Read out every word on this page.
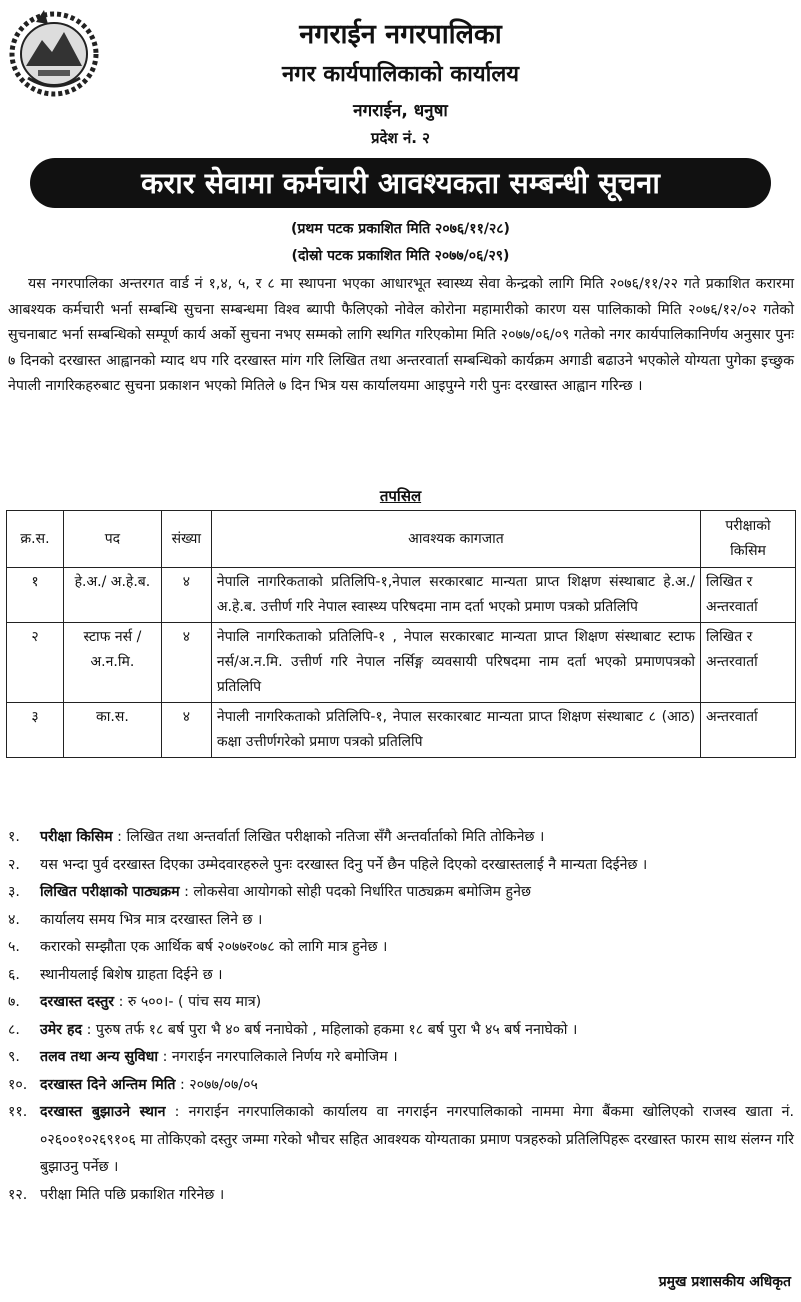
नगराईन नगरपालिका
नगर कार्यपालिकाको कार्यालय
नगराईन, धनुषा
प्रदेश नं. २
करार सेवामा कर्मचारी आवश्यकता सम्बन्धी सूचना
(प्रथम पटक प्रकाशित मिति २०७६/११/२८)
(दोस्रो पटक प्रकाशित मिति २०७७/०६/२९)
यस नगरपालिका अन्तरगत वार्ड नं १,४, ५, र ८ मा स्थापना भएका आधारभूत स्वास्थ्य सेवा केन्द्रको लागि मिति २०७६/११/२२ गते प्रकाशित करारमा आबश्यक कर्मचारी भर्ना सम्बन्धि सुचना सम्बन्धमा विश्व ब्यापी फैलिएको नोवेल कोरोना महामारीको कारण यस पालिकाको मिति २०७६/१२/०२ गतेको सुचनाबाट भर्ना सम्बन्धिको सम्पूर्ण कार्य अर्को सुचना नभए सम्मको लागि स्थगित गरिएकोमा मिति २०७७/०६/०९ गतेको नगर कार्यपालिकानिर्णय अनुसार पुनः ७ दिनको दरखास्त आह्वानको म्याद थप गरि दरखास्त मांग गरि लिखित तथा अन्तरवार्ता सम्बन्धिको कार्यक्रम अगाडी बढाउने भएकोले योग्यता पुगेका इच्छुक नेपाली नागरिकहरुबाट सुचना प्रकाशन भएको मितिले ७ दिन भित्र यस कार्यालयमा आइपुग्ने गरी पुनः दरखास्त आह्वान गरिन्छ ।
तपसिल
क्र.स.	पद	संख्या	आवश्यक कागजात	परीक्षाको किसिम
१	हे.अ./ अ.हे.ब.	४	नेपालि नागरिकताको प्रतिलिपि-१,नेपाल सरकारबाट मान्यता प्राप्त शिक्षण संस्थाबाट हे.अ./अ.हे.ब. उत्तीर्ण गरि नेपाल स्वास्थ्य परिषदमा नाम दर्ता भएको प्रमाण पत्रको प्रतिलिपि	लिखित र अन्तरवार्ता
२	स्टाफ नर्स / अ.न.मि.	४	नेपालि नागरिकताको प्रतिलिपि-१ , नेपाल सरकारबाट मान्यता प्राप्त शिक्षण संस्थाबाट स्टाफ नर्स/अ.न.मि. उत्तीर्ण गरि नेपाल नर्सिङ्ग व्यवसायी परिषदमा नाम दर्ता भएको प्रमाणपत्रको प्रतिलिपि	लिखित र अन्तरवार्ता
३	का.स.	४	नेपाली नागरिकताको प्रतिलिपि-१, नेपाल सरकारबाट मान्यता प्राप्त शिक्षण संस्थाबाट ८ (आठ) कक्षा उत्तीर्णगरेको प्रमाण पत्रको प्रतिलिपि	अन्तरवार्ता
१.	परीक्षा किसिम : लिखित तथा अन्तर्वार्ता लिखित परीक्षाको नतिजा सँगै अन्तर्वार्ताको मिति तोकिनेछ ।
२.	यस भन्दा पुर्व दरखास्त दिएका उम्मेदवारहरुले पुनः दरखास्त दिनु पर्ने छैन पहिले दिएको दरखास्तलाई नै मान्यता दिईनेछ ।
३.	लिखित परीक्षाको पाठ्यक्रम : लोकसेवा आयोगको सोही पदको निर्धारित पाठ्यक्रम बमोजिम हुनेछ
४.	कार्यालय समय भित्र मात्र दरखास्त लिने छ ।
५.	करारको सम्झौता एक आर्थिक बर्ष २०७७र०७८ को लागि मात्र हुनेछ ।
६.	स्थानीयलाई बिशेष ग्राहता दिईने छ ।
७.	दरखास्त दस्तुर : रु ५००।- ( पांच सय मात्र)
८.	उमेर हद : पुरुष तर्फ १८ बर्ष पुरा भै ४० बर्ष ननाघेको , महिलाको हकमा १८ बर्ष पुरा भै ४५ बर्ष ननाघेको ।
९.	तलव तथा अन्य सुविधा : नगराईन नगरपालिकाले निर्णय गरे बमोजिम ।
१०. दरखास्त दिने अन्तिम मिति : २०७७/०७/०५
११. दरखास्त बुझाउने स्थान : नगराईन नगरपालिकाको कार्यालय वा नगराईन नगरपालिकाको नाममा मेगा बैंकमा खोलिएको राजस्व खाता नं. ०२६००१०२६९१०६ मा तोकिएको दस्तुर जम्मा गरेको भौचर सहित आवश्यक योग्यताका प्रमाण पत्रहरुको प्रतिलिपिहरू दरखास्त फारम साथ संलग्न गरि बुझाउनु पर्नेछ ।
१२. परीक्षा मिति पछि प्रकाशित गरिनेछ ।
प्रमुख प्रशासकीय अधिकृत
